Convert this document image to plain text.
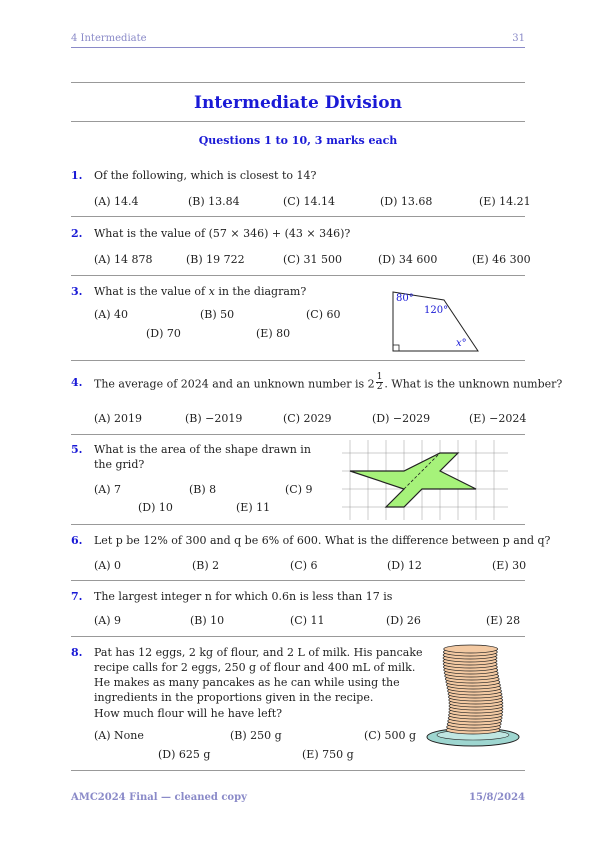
4 Intermediate	31
Intermediate Division
Questions 1 to 10, 3 marks each
1. Of the following, which is closest to 14?
(A) 14.4	(B) 13.84	(C) 14.14	(D) 13.68	(E) 14.21
2. What is the value of (57 × 346) + (43 × 346)?
(A) 14 878	(B) 19 722	(C) 31 500	(D) 34 600	(E) 46 300
3. What is the value of x in the diagram?
(A) 40	(B) 50	(C) 60
(D) 70	(E) 80
80°
120°
x°
4. The average of 2024 and an unknown number is $2 \frac{1}{2}$ . What is the unknown number?
(A) 2019	(B) −2019	(C) 2029	(D) −2029	(E) −2024
5. What is the area of the shape drawn in
the grid?
(A) 7	(B) 8	(C) 9
(D) 10	(E) 11
6. Let p be 12% of 300 and q be 6% of 600. What is the difference between p and q?
(A) 0	(B) 2	(C) 6	(D) 12	(E) 30
7. The largest integer n for which 0.6n is less than 17 is
(A) 9	(B) 10	(C) 11	(D) 26	(E) 28
8. Pat has 12 eggs, 2 kg of flour, and 2 L of milk. His pancake
recipe calls for 2 eggs, 250 g of flour and 400 mL of milk.
He makes as many pancakes as he can while using the
ingredients in the proportions given in the recipe.
How much flour will he have left?
(A) None	(B) 250 g	(C) 500 g
(D) 625 g	(E) 750 g
AMC2024 Final — cleaned copy	15/8/2024
